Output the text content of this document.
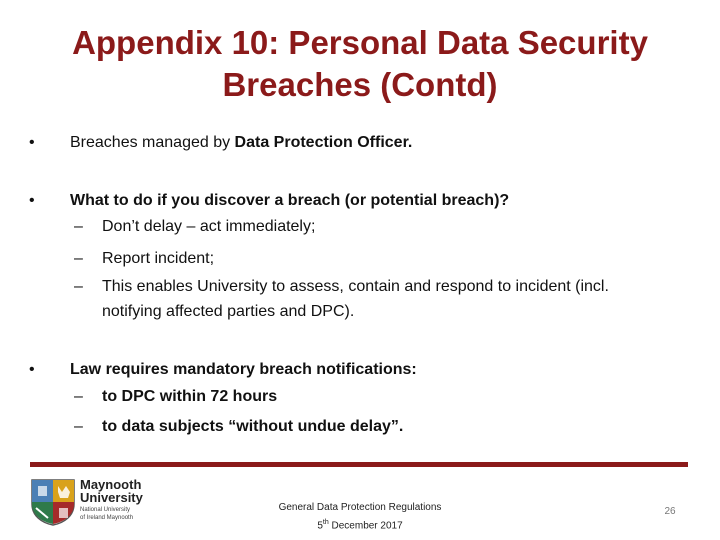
Appendix 10: Personal Data Security
Breaches (Contd)
• Breaches managed by Data Protection Officer.
• What to do if you discover a breach (or potential breach)?
– Don’t delay – act immediately;
– Report incident;
– This enables University to assess, contain and respond to incident (incl.
notifying affected parties and DPC).
• Law requires mandatory breach notifications:
– to DPC within 72 hours
– to data subjects “without undue delay”.
Maynooth
University
National University
of Ireland Maynooth
General Data Protection Regulations
5th December 2017
26
